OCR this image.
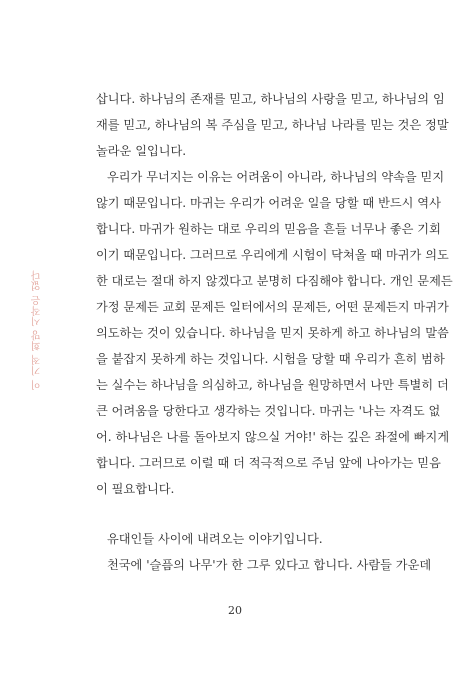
이 기적 희망 시작은 없다
삽니다. 하나님의 존재를 믿고, 하나님의 사랑을 믿고, 하나님의 임
재를 믿고, 하나님의 복 주심을 믿고, 하나님 나라를 믿는 것은 정말
놀라운 일입니다.
우리가 무너지는 이유는 어려움이 아니라, 하나님의 약속을 믿지
않기 때문입니다. 마귀는 우리가 어려운 일을 당할 때 반드시 역사
합니다. 마귀가 원하는 대로 우리의 믿음을 흔들 너무나 좋은 기회
이기 때문입니다. 그러므로 우리에게 시험이 닥쳐올 때 마귀가 의도
한 대로는 절대 하지 않겠다고 분명히 다짐해야 합니다. 개인 문제든
가정 문제든 교회 문제든 일터에서의 문제든, 어떤 문제든지 마귀가
의도하는 것이 있습니다. 하나님을 믿지 못하게 하고 하나님의 말씀
을 붙잡지 못하게 하는 것입니다. 시험을 당할 때 우리가 흔히 범하
는 실수는 하나님을 의심하고, 하나님을 원망하면서 나만 특별히 더
큰 어려움을 당한다고 생각하는 것입니다. 마귀는 '나는 자격도 없
어. 하나님은 나를 돌아보지 않으실 거야!' 하는 깊은 좌절에 빠지게
합니다. 그러므로 이럴 때 더 적극적으로 주님 앞에 나아가는 믿음
이 필요합니다.
유대인들 사이에 내려오는 이야기입니다.
천국에 '슬픔의 나무'가 한 그루 있다고 합니다. 사람들 가운데
20
